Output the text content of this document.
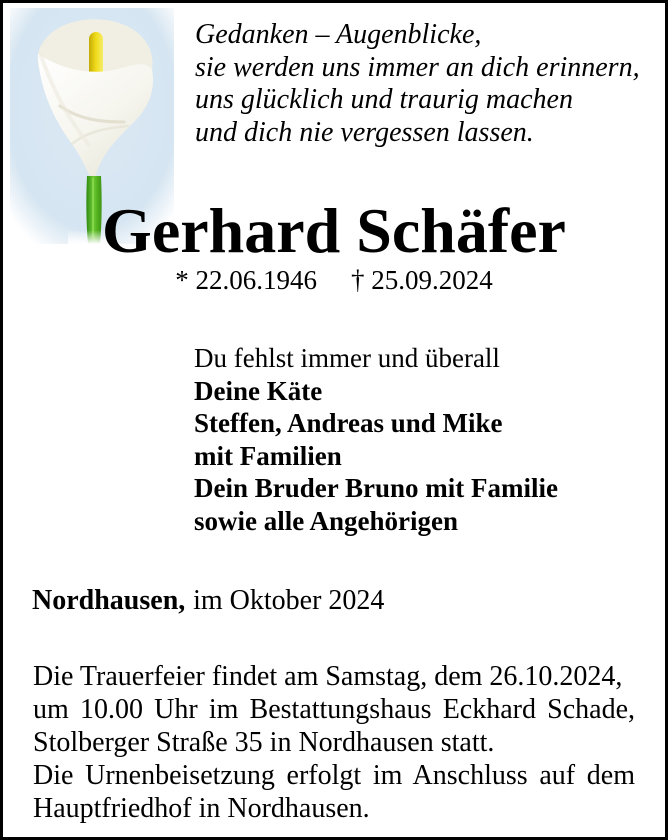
Gedanken – Augenblicke,
sie werden uns immer an dich erinnern,
uns glücklich und traurig machen
und dich nie vergessen lassen.
Gerhard Schäfer
* 22.06.1946 † 25.09.2024
Du fehlst immer und überall
Deine Käte
Steffen, Andreas und Mike
mit Familien
Dein Bruder Bruno mit Familie
sowie alle Angehörigen
Nordhausen, im Oktober 2024
Die Trauerfeier findet am Samstag, dem 26.10.2024,
um 10.00 Uhr im Bestattungshaus Eckhard Schade,
Stolberger Straße 35 in Nordhausen statt.
Die Urnenbeisetzung erfolgt im Anschluss auf dem
Hauptfriedhof in Nordhausen.
